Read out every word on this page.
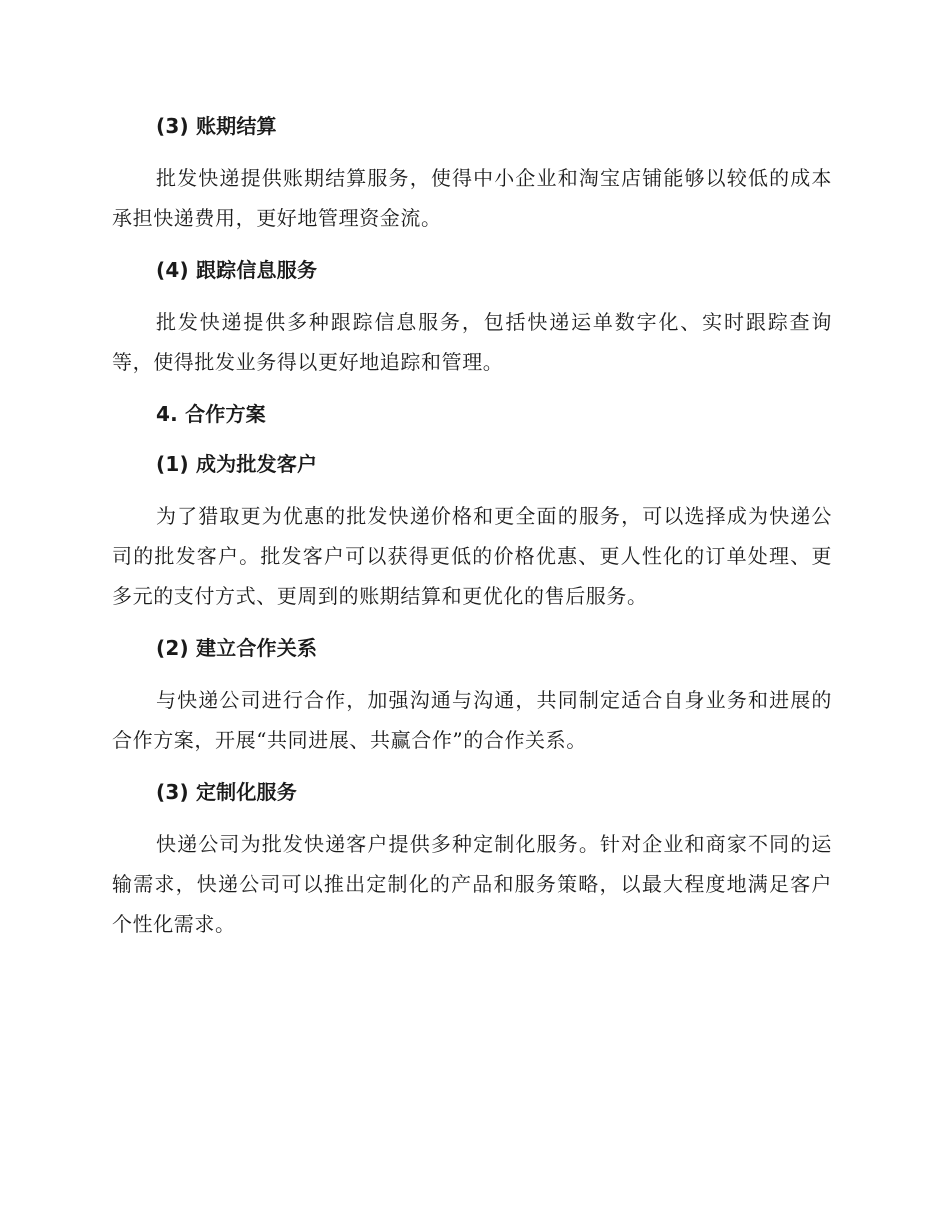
(3) 账期结算

批发快递提供账期结算服务，使得中小企业和淘宝店铺能够以较低的成本承担快递费用，更好地管理资金流。

(4) 跟踪信息服务

批发快递提供多种跟踪信息服务，包括快递运单数字化、实时跟踪查询等，使得批发业务得以更好地追踪和管理。

4. 合作方案
(1) 成为批发客户

为了猎取更为优惠的批发快递价格和更全面的服务，可以选择成为快递公司的批发客户。批发客户可以获得更低的价格优惠、更人性化的订单处理、更多元的支付方式、更周到的账期结算和更优化的售后服务。

(2) 建立合作关系

与快递公司进行合作，加强沟通与沟通，共同制定适合自身业务和进展的合作方案，开展“共同进展、共赢合作”的合作关系。

(3) 定制化服务

快递公司为批发快递客户提供多种定制化服务。针对企业和商家不同的运输需求，快递公司可以推出定制化的产品和服务策略，以最大程度地满足客户个性化需求。
